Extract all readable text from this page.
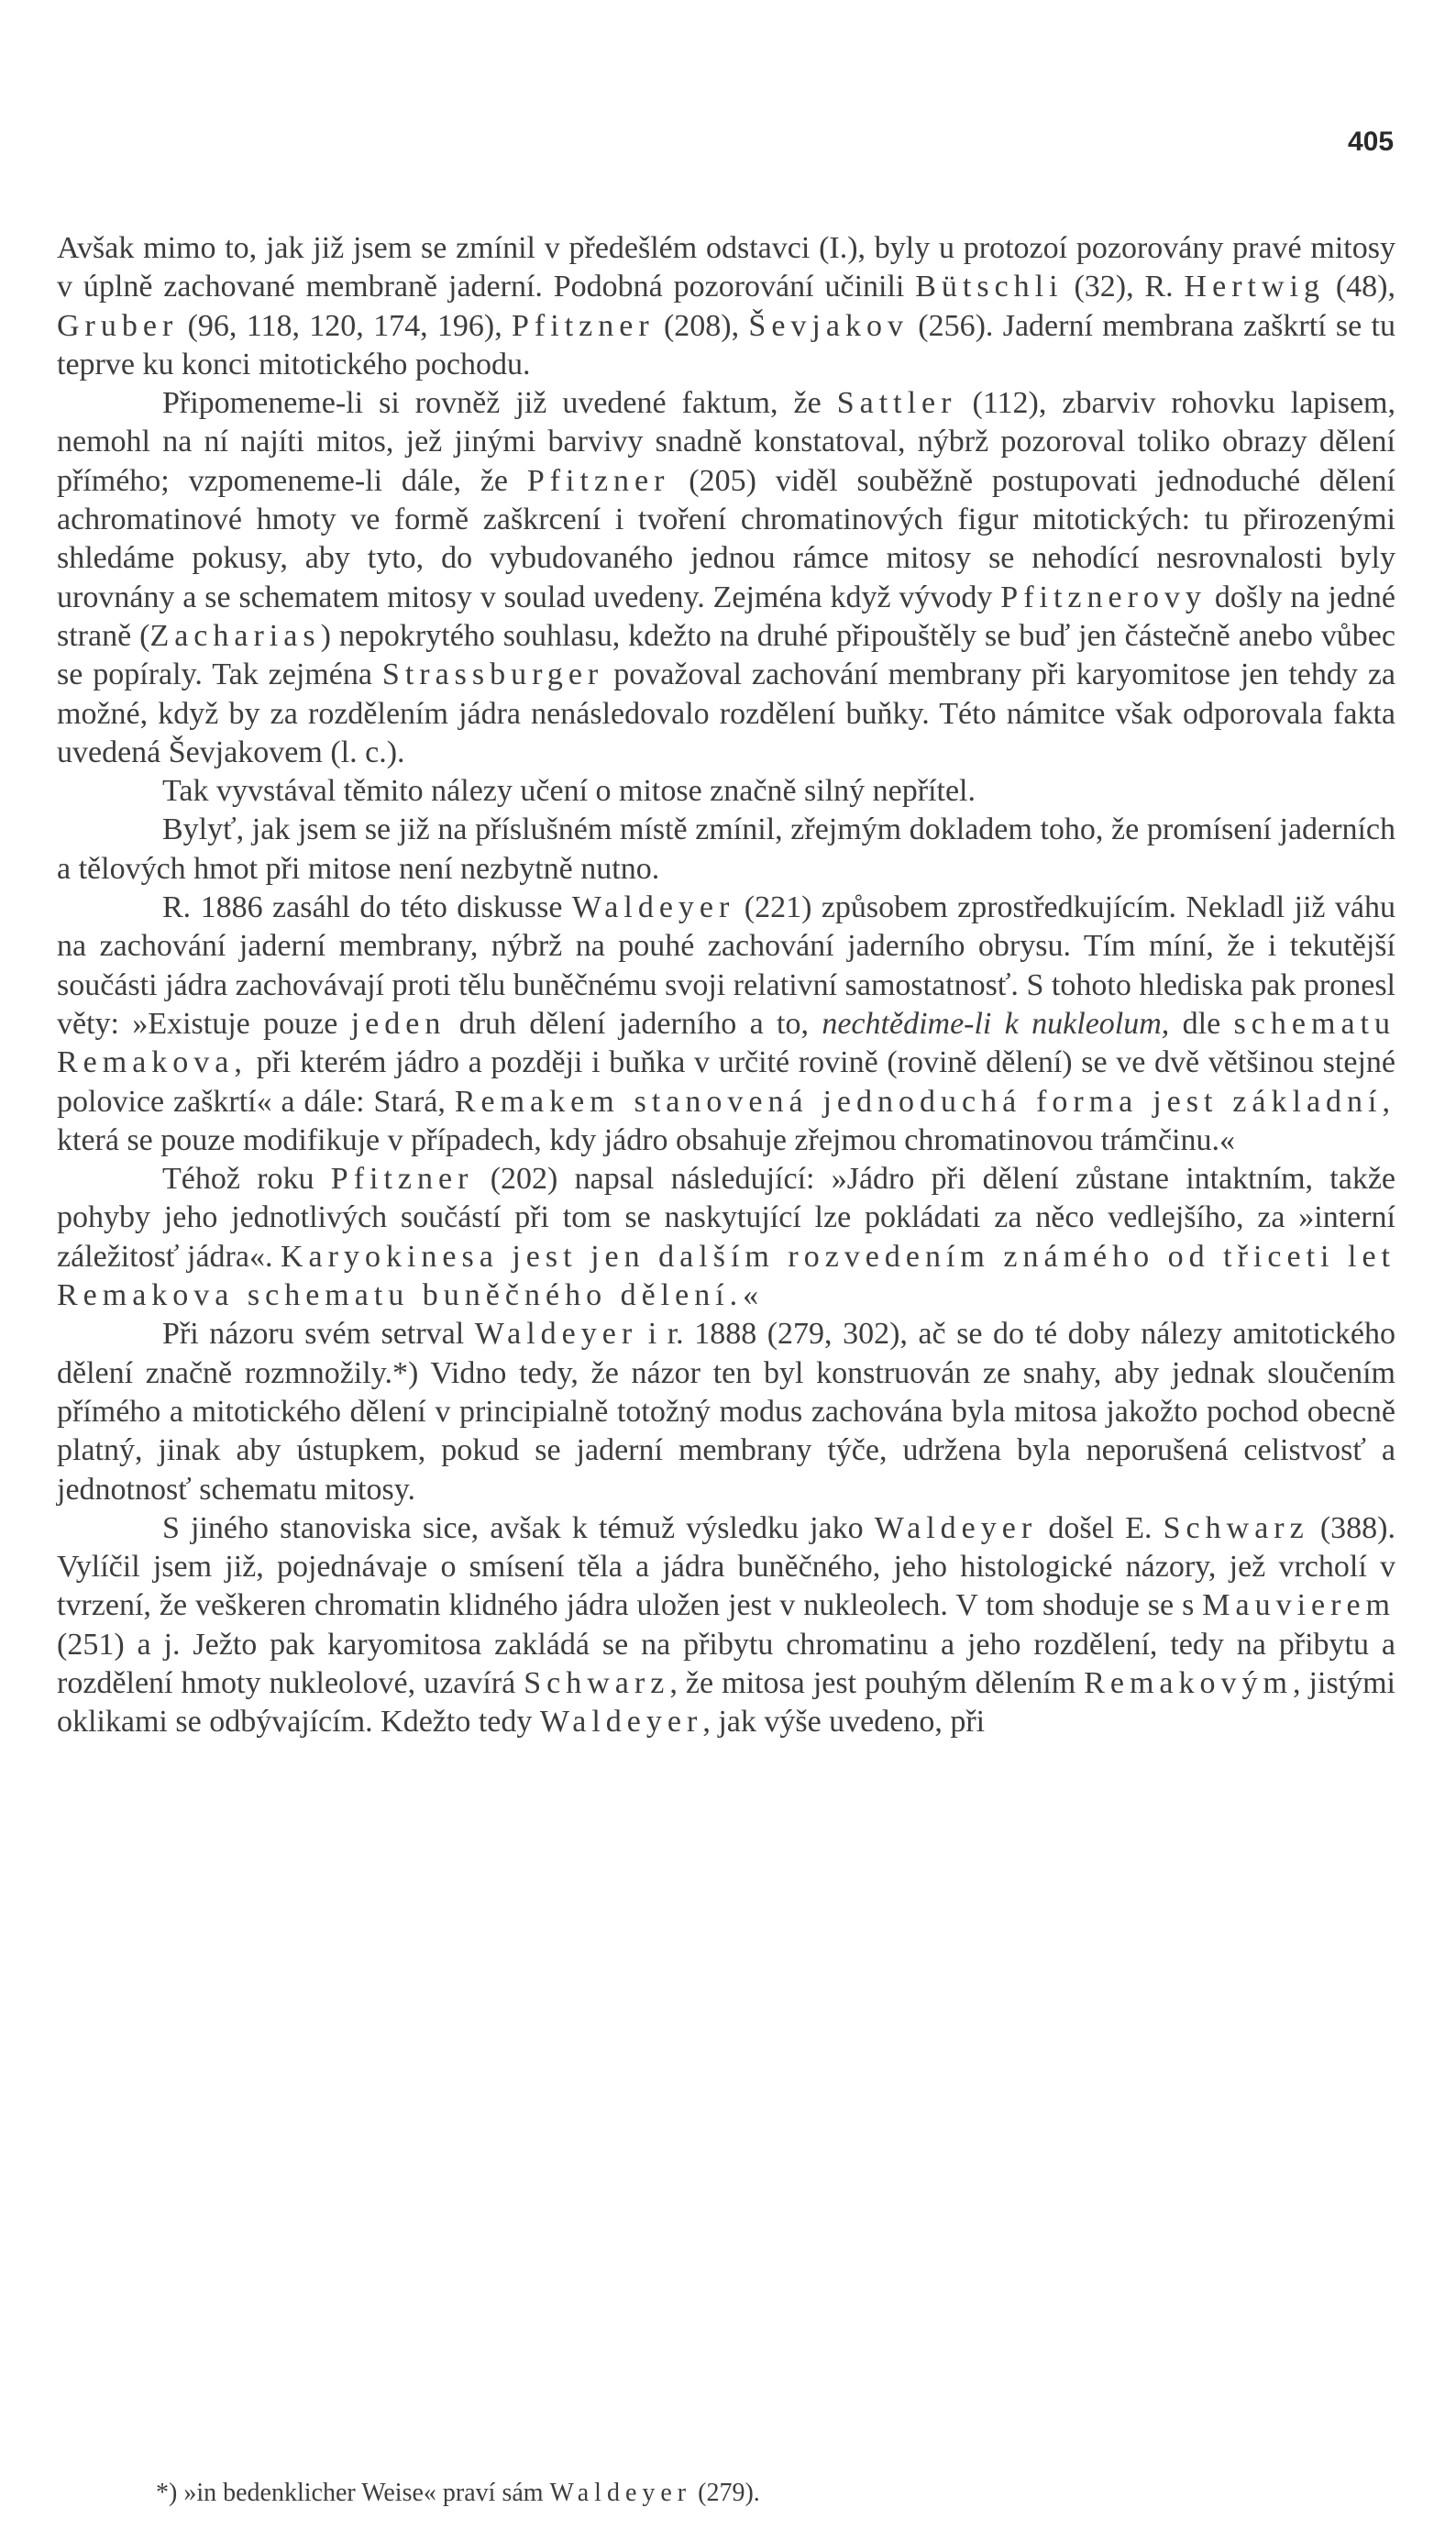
405

Avšak mimo to, jak již jsem se zmínil v předešlém odstavci (I.), byly u protozoí pozorovány pravé mitosy v úplně zachované membraně jaderní. Podobná pozorování učinili Bütschli (32), R. Hertwig (48), Gruber (96, 118, 120, 174, 196), Pfitzner (208), Ševjakov (256). Jaderní membrana zaškrtí se tu teprve ku konci mitotického pochodu.

Připomeneme-li si rovněž již uvedené faktum, že Sattler (112), zbarviv rohovku lapisem, nemohl na ní najíti mitos, jež jinými barvivy snadně konstatoval, nýbrž pozoroval toliko obrazy dělení přímého; vzpomeneme-li dále, že Pfitzner (205) viděl souběžně postupovati jednoduché dělení achromatinové hmoty ve formě zaškrcení i tvoření chromatinových figur mitotických: tu přirozenými shledáme pokusy, aby tyto, do vybudovaného jednou rámce mitosy se nehodící nesrovnalosti byly urovnány a se schematem mitosy v soulad uvedeny. Zejména když vývody Pfitznerovy došly na jedné straně (Zacharias) nepokrytého souhlasu, kdežto na druhé připouštěly se buď jen částečně anebo vůbec se popíraly. Tak zejména Strassburger považoval zachování membrany při karyomitose jen tehdy za možné, když by za rozdělením jádra nenásledovalo rozdělení buňky. Této námitce však odporovala fakta uvedená Ševjakovem (l. c.).

Tak vyvstával těmito nálezy učení o mitose značně silný nepřítel.

Bylyť, jak jsem se již na příslušném místě zmínil, zřejmým dokladem toho, že promísení jaderních a tělových hmot při mitose není nezbytně nutno.

R. 1886 zasáhl do této diskusse Waldeyer (221) způsobem zprostředkujícím. Nekladl již váhu na zachování jaderní membrany, nýbrž na pouhé zachování jaderního obrysu. Tím míní, že i tekutější součásti jádra zachovávají proti tělu buněčnému svoji relativní samostatnosť. S tohoto hlediska pak pronesl věty: »Existuje pouze jeden druh dělení jaderního a to, nechtědime-li k nukleolum, dle schematu Remakova, při kterém jádro a později i buňka v určité rovině (rovině dělení) se ve dvě většinou stejné polovice zaškrtí« a dále: Stará, Remakem stanovená jednoduchá forma jest základní, která se pouze modifikuje v případech, kdy jádro obsahuje zřejmou chromatinovou trámčinu.«

Téhož roku Pfitzner (202) napsal následující: »Jádro při dělení zůstane intaktním, takže pohyby jeho jednotlivých součástí při tom se naskytující lze pokládati za něco vedlejšího, za »interní záležitosť jádra«. Karyokinesa jest jen dalším rozvedením známého od třiceti let Remakova schematu buněčného dělení.«

Při názoru svém setrval Waldeyer i r. 1888 (279, 302), ač se do té doby nálezy amitotického dělení značně rozmnožily.*) Vidno tedy, že názor ten byl konstruován ze snahy, aby jednak sloučením přímého a mitotického dělení v principialně totožný modus zachována byla mitosa jakožto pochod obecně platný, jinak aby ústupkem, pokud se jaderní membrany týče, udržena byla neporušená celistvosť a jednotnosť schematu mitosy.

S jiného stanoviska sice, avšak k témuž výsledku jako Waldeyer došel E. Schwarz (388). Vylíčil jsem již, pojednávaje o smísení těla a jádra buněčného, jeho histologické názory, jež vrcholí v tvrzení, že veškeren chromatin klidného jádra uložen jest v nukleolech. V tom shoduje se s Mauvierem (251) a j. Ježto pak karyomitosa zakládá se na přibytu chromatinu a jeho rozdělení, tedy na přibytu a rozdělení hmoty nukleolové, uzavírá Schwarz, že mitosa jest pouhým dělením Remakovým, jistými oklikami se odbývajícím. Kdežto tedy Waldeyer, jak výše uvedeno, při

*) »in bedenklicher Weise« praví sám Waldeyer (279).
